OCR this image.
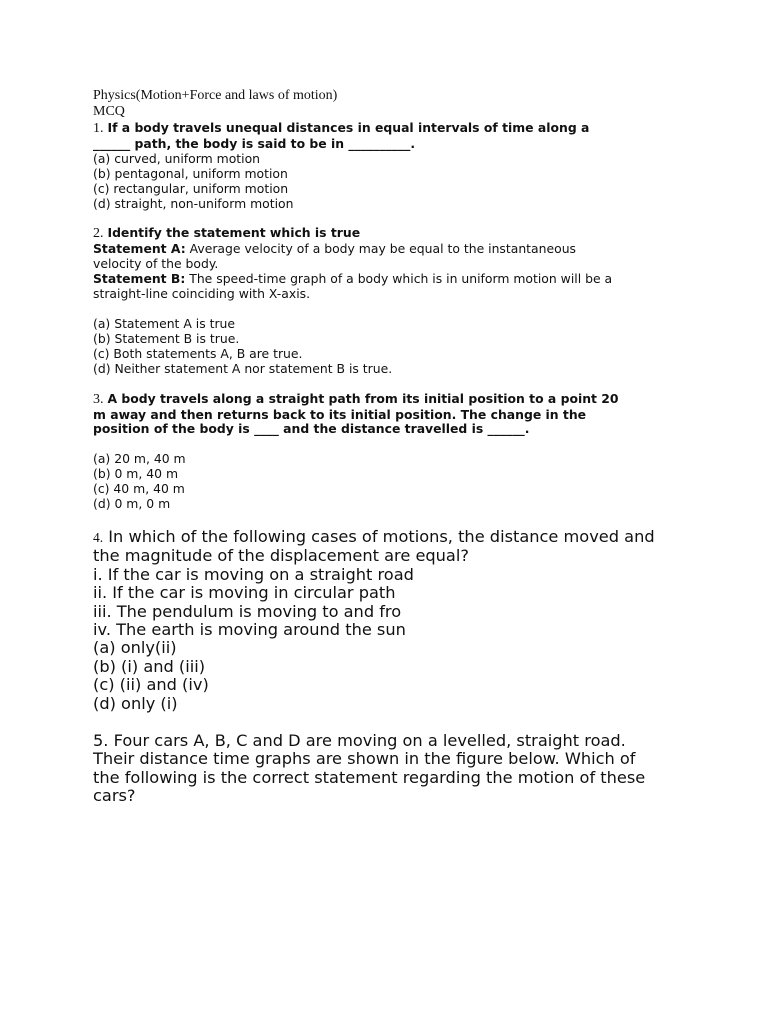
Physics(Motion+Force and laws of motion)
MCQ
1. If a body travels unequal distances in equal intervals of time along a
______ path, the body is said to be in __________.
(a) curved, uniform motion
(b) pentagonal, uniform motion
(c) rectangular, uniform motion
(d) straight, non-uniform motion
2. Identify the statement which is true
Statement A: Average velocity of a body may be equal to the instantaneous
velocity of the body.
Statement B: The speed-time graph of a body which is in uniform motion will be a
straight-line coinciding with X-axis.
(a) Statement A is true
(b) Statement B is true.
(c) Both statements A, B are true.
(d) Neither statement A nor statement B is true.
3. A body travels along a straight path from its initial position to a point 20
m away and then returns back to its initial position. The change in the
position of the body is ____ and the distance travelled is ______.
(a) 20 m, 40 m
(b) 0 m, 40 m
(c) 40 m, 40 m
(d) 0 m, 0 m
4. In which of the following cases of motions, the distance moved and
the magnitude of the displacement are equal?
i. If the car is moving on a straight road
ii. If the car is moving in circular path
iii. The pendulum is moving to and fro
iv. The earth is moving around the sun
(a) only(ii)
(b) (i) and (iii)
(c) (ii) and (iv)
(d) only (i)
5. Four cars A, B, C and D are moving on a levelled, straight road.
Their distance time graphs are shown in the figure below. Which of
the following is the correct statement regarding the motion of these
cars?
